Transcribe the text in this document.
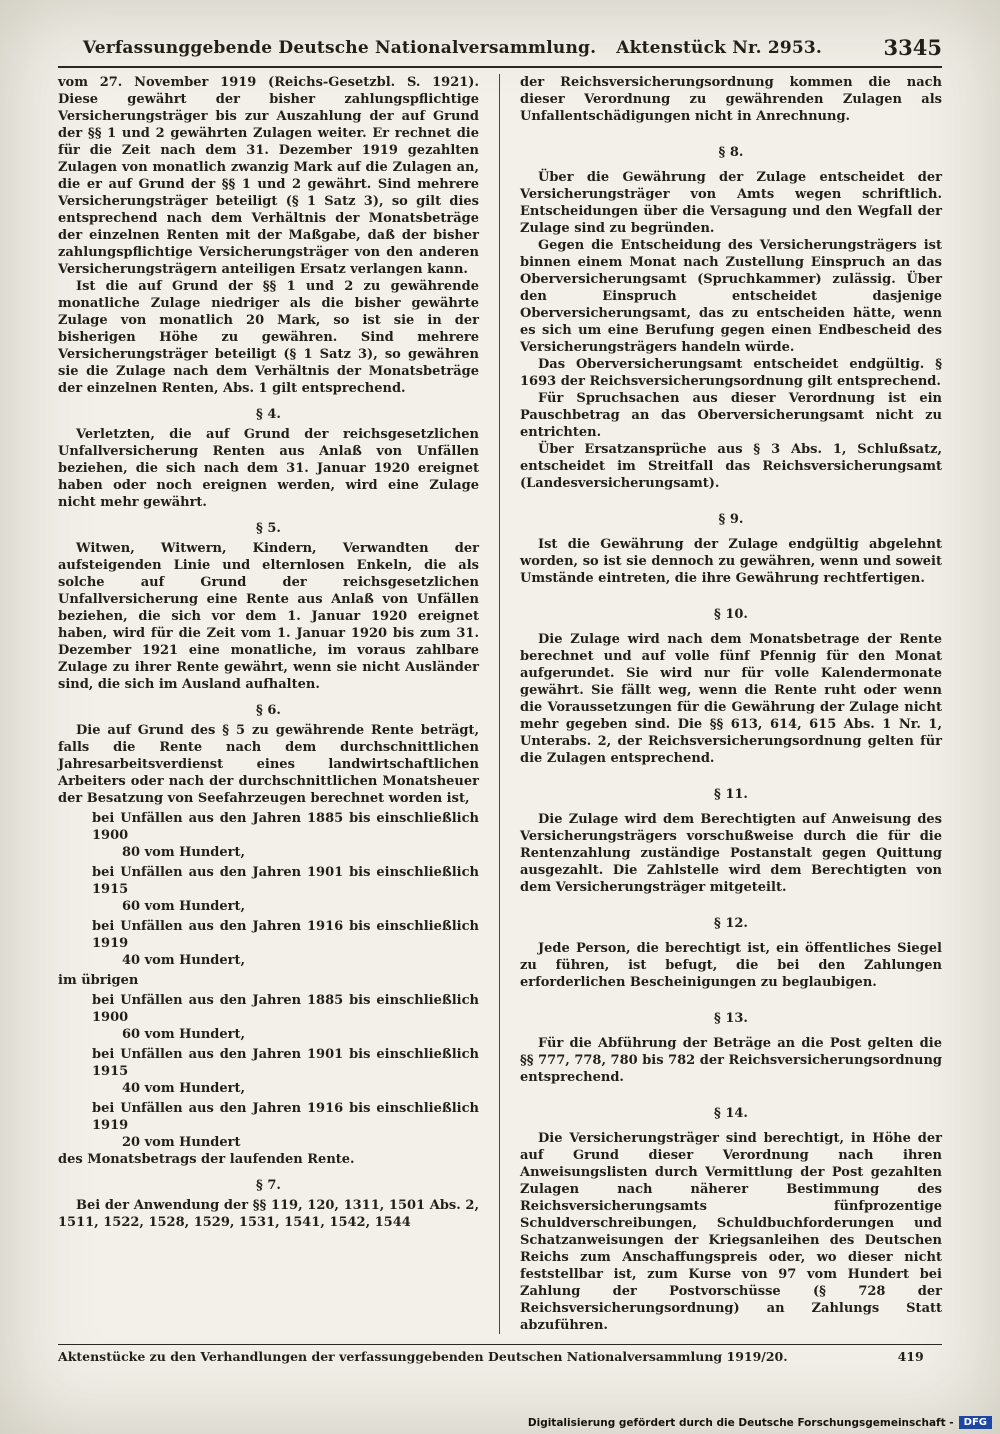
Verfassunggebende Deutsche Nationalversammlung. Aktenstück Nr. 2953.	3345
vom 27. November 1919 (Reichs-Gesetzbl. S. 1921). Diese gewährt der bisher zahlungspflichtige Versicherungsträger bis zur Auszahlung der auf Grund der §§ 1 und 2 gewährten Zulagen weiter. Er rechnet die für die Zeit nach dem 31. Dezember 1919 gezahlten Zulagen von monatlich zwanzig Mark auf die Zulagen an, die er auf Grund der §§ 1 und 2 gewährt. Sind mehrere Versicherungsträger beteiligt (§ 1 Satz 3), so gilt dies entsprechend nach dem Verhältnis der Monatsbeträge der einzelnen Renten mit der Maßgabe, daß der bisher zahlungspflichtige Versicherungsträger von den anderen Versicherungsträgern anteiligen Ersatz verlangen kann.
Ist die auf Grund der §§ 1 und 2 zu gewährende monatliche Zulage niedriger als die bisher gewährte Zulage von monatlich 20 Mark, so ist sie in der bisherigen Höhe zu gewähren. Sind mehrere Versicherungsträger beteiligt (§ 1 Satz 3), so gewähren sie die Zulage nach dem Verhältnis der Monatsbeträge der einzelnen Renten, Abs. 1 gilt entsprechend.
§ 4.
Verletzten, die auf Grund der reichsgesetzlichen Unfallversicherung Renten aus Anlaß von Unfällen beziehen, die sich nach dem 31. Januar 1920 ereignet haben oder noch ereignen werden, wird eine Zulage nicht mehr gewährt.
§ 5.
Witwen, Witwern, Kindern, Verwandten der aufsteigenden Linie und elternlosen Enkeln, die als solche auf Grund der reichsgesetzlichen Unfallversicherung eine Rente aus Anlaß von Unfällen beziehen, die sich vor dem 1. Januar 1920 ereignet haben, wird für die Zeit vom 1. Januar 1920 bis zum 31. Dezember 1921 eine monatliche, im voraus zahlbare Zulage zu ihrer Rente gewährt, wenn sie nicht Ausländer sind, die sich im Ausland aufhalten.
§ 6.
Die auf Grund des § 5 zu gewährende Rente beträgt, falls die Rente nach dem durchschnittlichen Jahresarbeitsverdienst eines landwirtschaftlichen Arbeiters oder nach der durchschnittlichen Monatsheuer der Besatzung von Seefahrzeugen berechnet worden ist,
bei Unfällen aus den Jahren 1885 bis einschließlich 1900
80 vom Hundert,
bei Unfällen aus den Jahren 1901 bis einschließlich 1915
60 vom Hundert,
bei Unfällen aus den Jahren 1916 bis einschließlich 1919
40 vom Hundert,
im übrigen
bei Unfällen aus den Jahren 1885 bis einschließlich 1900
60 vom Hundert,
bei Unfällen aus den Jahren 1901 bis einschließlich 1915
40 vom Hundert,
bei Unfällen aus den Jahren 1916 bis einschließlich 1919
20 vom Hundert
des Monatsbetrags der laufenden Rente.
§ 7.
Bei der Anwendung der §§ 119, 120, 1311, 1501 Abs. 2, 1511, 1522, 1528, 1529, 1531, 1541, 1542, 1544
der Reichsversicherungsordnung kommen die nach dieser Verordnung zu gewährenden Zulagen als Unfallentschädigungen nicht in Anrechnung.
§ 8.
Über die Gewährung der Zulage entscheidet der Versicherungsträger von Amts wegen schriftlich. Entscheidungen über die Versagung und den Wegfall der Zulage sind zu begründen.
Gegen die Entscheidung des Versicherungsträgers ist binnen einem Monat nach Zustellung Einspruch an das Oberversicherungsamt (Spruchkammer) zulässig. Über den Einspruch entscheidet dasjenige Oberversicherungsamt, das zu entscheiden hätte, wenn es sich um eine Berufung gegen einen Endbescheid des Versicherungsträgers handeln würde.
Das Oberversicherungsamt entscheidet endgültig. § 1693 der Reichsversicherungsordnung gilt entsprechend.
Für Spruchsachen aus dieser Verordnung ist ein Pauschbetrag an das Oberversicherungsamt nicht zu entrichten.
Über Ersatzansprüche aus § 3 Abs. 1, Schlußsatz, entscheidet im Streitfall das Reichsversicherungsamt (Landesversicherungsamt).
§ 9.
Ist die Gewährung der Zulage endgültig abgelehnt worden, so ist sie dennoch zu gewähren, wenn und soweit Umstände eintreten, die ihre Gewährung rechtfertigen.
§ 10.
Die Zulage wird nach dem Monatsbetrage der Rente berechnet und auf volle fünf Pfennig für den Monat aufgerundet. Sie wird nur für volle Kalendermonate gewährt. Sie fällt weg, wenn die Rente ruht oder wenn die Voraussetzungen für die Gewährung der Zulage nicht mehr gegeben sind. Die §§ 613, 614, 615 Abs. 1 Nr. 1, Unterabs. 2, der Reichsversicherungsordnung gelten für die Zulagen entsprechend.
§ 11.
Die Zulage wird dem Berechtigten auf Anweisung des Versicherungsträgers vorschußweise durch die für die Rentenzahlung zuständige Postanstalt gegen Quittung ausgezahlt. Die Zahlstelle wird dem Berechtigten von dem Versicherungsträger mitgeteilt.
§ 12.
Jede Person, die berechtigt ist, ein öffentliches Siegel zu führen, ist befugt, die bei den Zahlungen erforderlichen Bescheinigungen zu beglaubigen.
§ 13.
Für die Abführung der Beträge an die Post gelten die §§ 777, 778, 780 bis 782 der Reichsversicherungsordnung entsprechend.
§ 14.
Die Versicherungsträger sind berechtigt, in Höhe der auf Grund dieser Verordnung nach ihren Anweisungslisten durch Vermittlung der Post gezahlten Zulagen nach näherer Bestimmung des Reichsversicherungsamts fünfprozentige Schuldverschreibungen, Schuldbuchforderungen und Schatzanweisungen der Kriegsanleihen des Deutschen Reichs zum Anschaffungspreis oder, wo dieser nicht feststellbar ist, zum Kurse von 97 vom Hundert bei Zahlung der Postvorschüsse (§ 728 der Reichsversicherungsordnung) an Zahlungs Statt abzuführen.
Aktenstücke zu den Verhandlungen der verfassunggebenden Deutschen Nationalversammlung 1919/20.	419
Digitalisierung gefördert durch die Deutsche Forschungsgemeinschaft -	DFG
